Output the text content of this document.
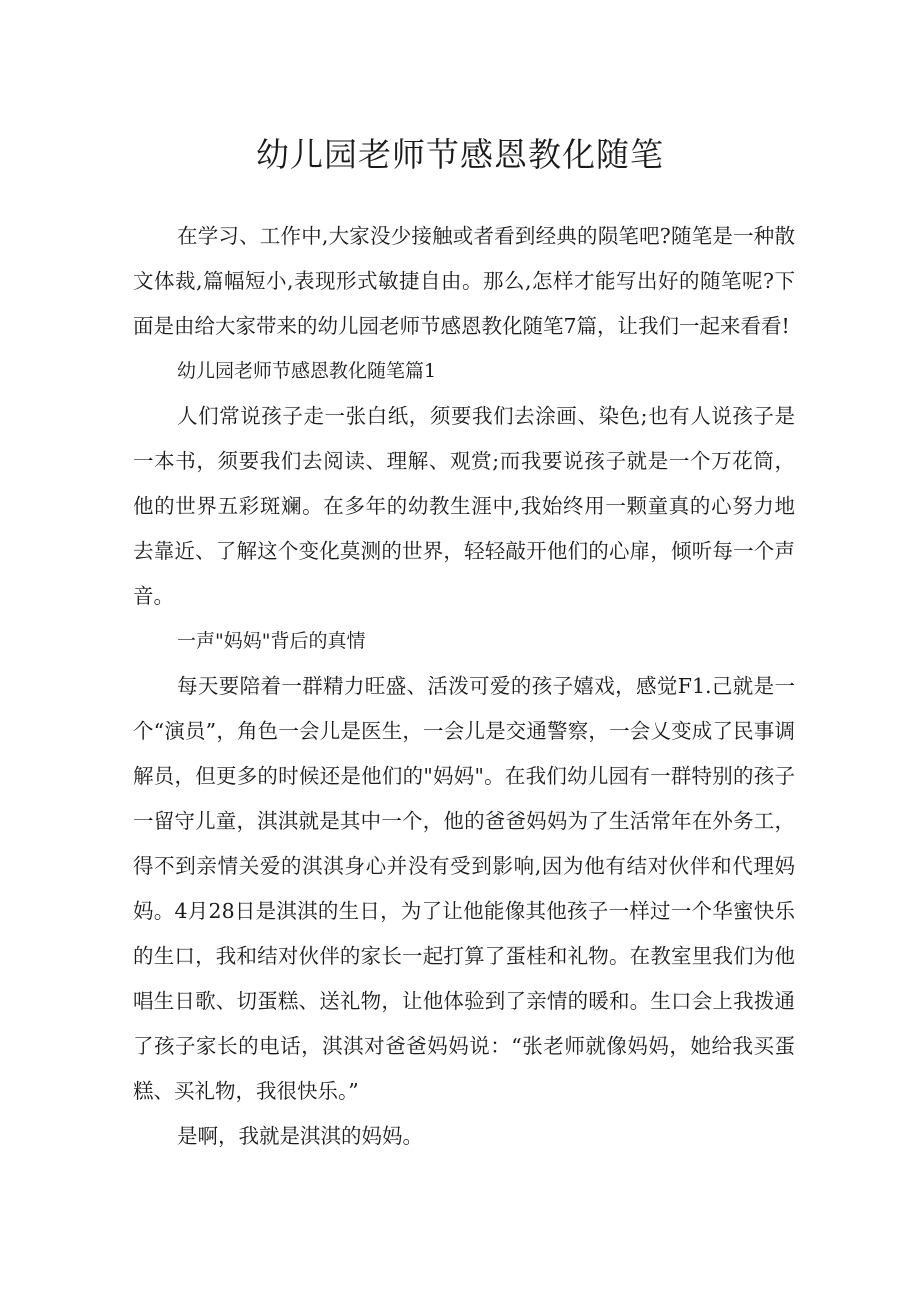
幼儿园老师节感恩教化随笔

在学习、工作中,大家没少接触或者看到经典的陨笔吧?随笔是一种散文体裁,篇幅短小,表现形式敏捷自由。那么,怎样才能写出好的随笔呢?下面是由给大家带来的幼儿园老师节感恩教化随笔7篇，让我们一起来看看!

幼儿园老师节感恩教化随笔篇1

人们常说孩子走一张白纸，须要我们去涂画、染色;也有人说孩子是一本书，须要我们去阅读、理解、观赏;而我要说孩子就是一个万花筒，他的世界五彩斑斓。在多年的幼教生涯中,我始终用一颗童真的心努力地去靠近、了解这个变化莫测的世界，轻轻敲开他们的心扉，倾听每一个声音。

一声"妈妈"背后的真情

每天要陪着一群精力旺盛、活泼可爱的孩子嬉戏，感觉F1.己就是一个“演员”，角色一会儿是医生，一会儿是交通警察，一会乂变成了民事调解员，但更多的时候还是他们的"妈妈"。在我们幼儿园有一群特别的孩子一留守儿童，淇淇就是其中一个，他的爸爸妈妈为了生活常年在外务工，得不到亲情关爱的淇淇身心并没有受到影响,因为他有结对伙伴和代理妈妈。4月28日是淇淇的生日，为了让他能像其他孩子一样过一个华蜜快乐的生口，我和结对伙伴的家长一起打算了蛋桂和礼物。在教室里我们为他唱生日歌、切蛋糕、送礼物，让他体验到了亲情的暖和。生口会上我拨通了孩子家长的电话，淇淇对爸爸妈妈说：“张老师就像妈妈，她给我买蛋糕、买礼物，我很快乐。”

是啊，我就是淇淇的妈妈。
